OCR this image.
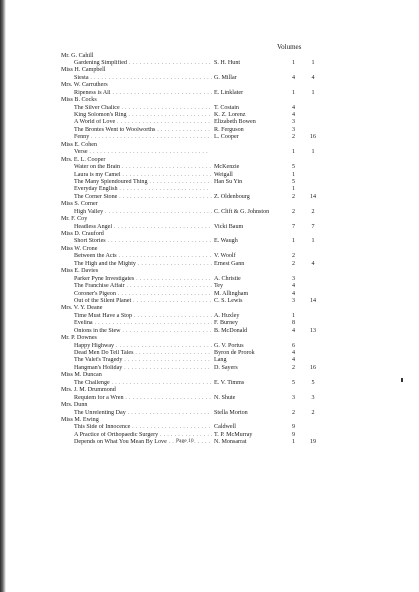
Volumes
Mr. G. Cahill
Gardening Simplified . . .	S. H. Hunt	1	1
Miss H. Campbell
Siesta . . .	G. Millar	4	4
Mrs. W. Carruthers
Ripeness is All . . .	E. Linklater	1	1
Miss B. Cocks
The Silver Chalice . . .	T. Costain	4
King Solomon's Ring . . .	K. Z. Lorenz	4
A World of Love . . .	Elizabeth Bowen	3
The Brontes Went to Woolworths . . .	R. Ferguson	3
Fenny . . .	L. Cooper	2	16
Miss E. Cohen
Verse . . .	1	1
Mrs. E. L. Cooper
Water on the Brain . . .	McKenzie	5
Laura is my Camel . . .	Weigall	1
The Many Splendoured Thing . . .	Han Su Yin	5
Everyday English . . .	1
The Corner Stone . . .	Z. Oldenbourg	2	14
Miss S. Corner
High Valley . . .	C. Clift & G. Johnston	2	2
Mr. F. Coy
Headless Angel . . .	Vicki Baum	7	7
Miss D. Crauford
Short Stories . . .	E. Waugh	1	1
Miss W. Crone
Between the Acts . . .	V. Woolf	2
The High and the Mighty . . .	Ernest Gann	2	4
Miss E. Davies
Parker Pyne Investigates . . .	A. Christie	3
The Franchise Affair . . .	Tey	4
Coroner's Pigeon . . .	M. Allingham	4
Out of the Silent Planet . . .	C. S. Lewis	3	14
Mrs. V. Y. Deane
Time Must Have a Stop . . .	A. Huxley	1
Evelina . . .	F. Burney	8
Onions in the Stew . . .	B. McDonald	4	13
Mr. P. Downes
Happy Highway . . .	G. V. Portus	6
Dead Men Do Tell Tales . . .	Byron de Prorok	4
The Valet's Tragedy . . .	Lang	4
Hangman's Holiday . . .	D. Sayers	2	16
Miss M. Duncan
The Challenge . . .	E. V. Timms	5	5
Mrs. J. M. Drummond
Requiem for a Wren . . .	N. Shute	3	3
Mrs. Dunn
The Unrelenting Day . . .	Stella Morton	2	2
Miss M. Ewing
This Side of Innocence . . .	Caldwell	9
A Practice of Orthopaedic Surgery . . .	T. P. McMurray	9
Depends on What You Mean By Love . . .	N. Monsarrat	1	19
Page 10
